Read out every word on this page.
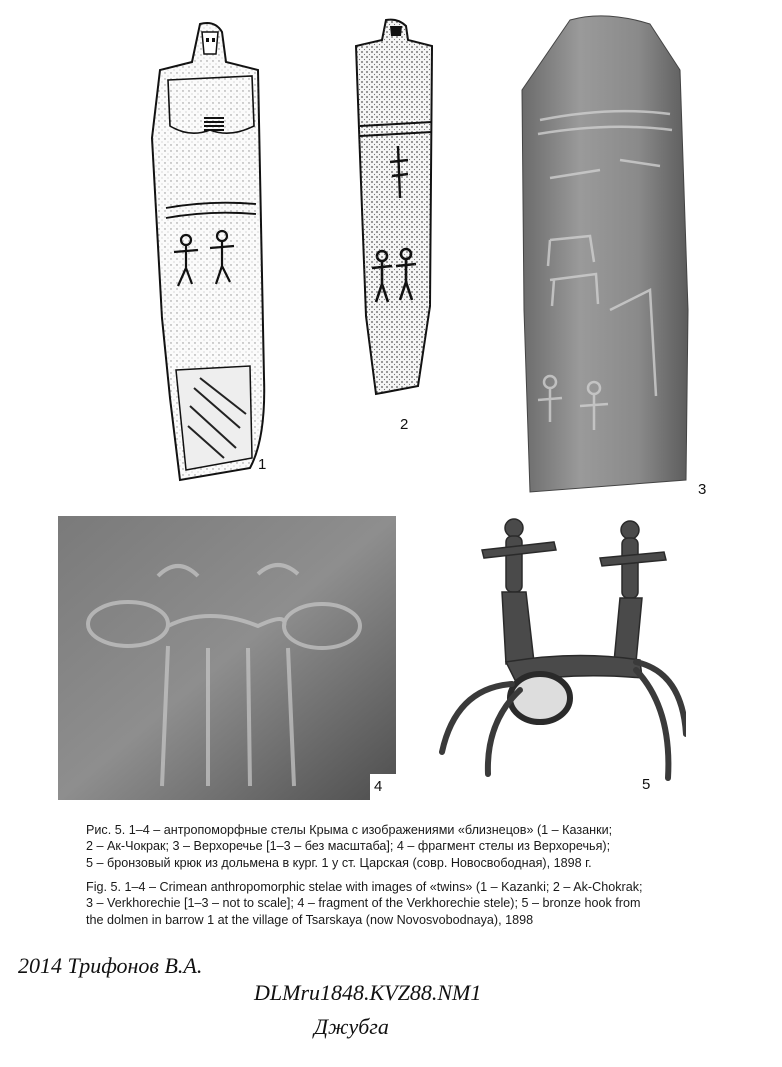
1
2
3
4	5
Рис. 5. 1–4 – антропоморфные стелы Крыма с изображениями «близнецов» (1 – Казанки;
2 – Ак-Чокрак; 3 – Верхоречье [1–3 – без масштаба]; 4 – фрагмент стелы из Верхоречья);
5 – бронзовый крюк из дольмена в кург. 1 у ст. Царская (совр. Новосвободная), 1898 г.
Fig. 5. 1–4 – Crimean anthropomorphic stelae with images of «twins» (1 – Kazanki; 2 – Ak-Chokrak;
3 – Verkhorechie [1–3 – not to scale]; 4 – fragment of the Verkhorechie stele); 5 – bronze hook from
the dolmen in barrow 1 at the village of Tsarskaya (now Novosvobodnaya), 1898
2014 Трифонов В.А.
DLMru1848.KVZ88.NM1
Джубга
